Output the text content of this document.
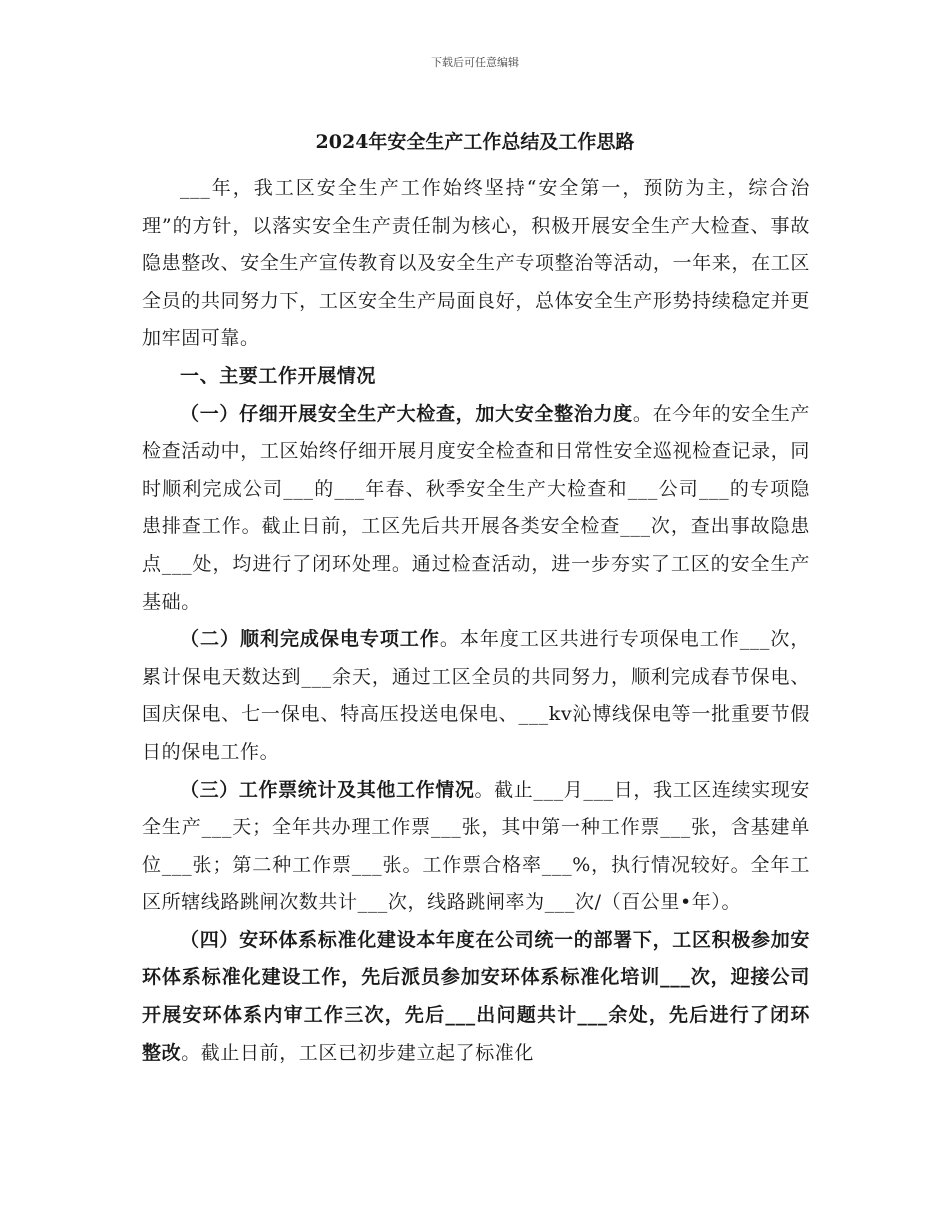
下载后可任意编辑
2024年安全生产工作总结及工作思路

___年，我工区安全生产工作始终坚持“安全第一，预防为主，综合治理”的方针，以落实安全生产责任制为核心，积极开展安全生产大检查、事故隐患整改、安全生产宣传教育以及安全生产专项整治等活动，一年来，在工区全员的共同努力下，工区安全生产局面良好，总体安全生产形势持续稳定并更加牢固可靠。

一、主要工作开展情况

（一）仔细开展安全生产大检查，加大安全整治力度。在今年的安全生产检查活动中，工区始终仔细开展月度安全检查和日常性安全巡视检查记录，同时顺利完成公司___的___年春、秋季安全生产大检查和___公司___的专项隐患排查工作。截止日前，工区先后共开展各类安全检查___次，查出事故隐患点___处，均进行了闭环处理。通过检查活动，进一步夯实了工区的安全生产基础。

（二）顺利完成保电专项工作。本年度工区共进行专项保电工作___次，累计保电天数达到___余天，通过工区全员的共同努力，顺利完成春节保电、国庆保电、七一保电、特高压投送电保电、___kv沁博线保电等一批重要节假日的保电工作。

（三）工作票统计及其他工作情况。截止___月___日，我工区连续实现安全生产___天；全年共办理工作票___张，其中第一种工作票___张，含基建单位___张；第二种工作票___张。工作票合格率___%，执行情况较好。全年工区所辖线路跳闸次数共计___次，线路跳闸率为___次/（百公里•年）。

（四）安环体系标准化建设本年度在公司统一的部署下，工区积极参加安环体系标准化建设工作，先后派员参加安环体系标准化培训___次，迎接公司开展安环体系内审工作三次，先后___出问题共计___余处，先后进行了闭环整改。截止日前，工区已初步建立起了标准化
